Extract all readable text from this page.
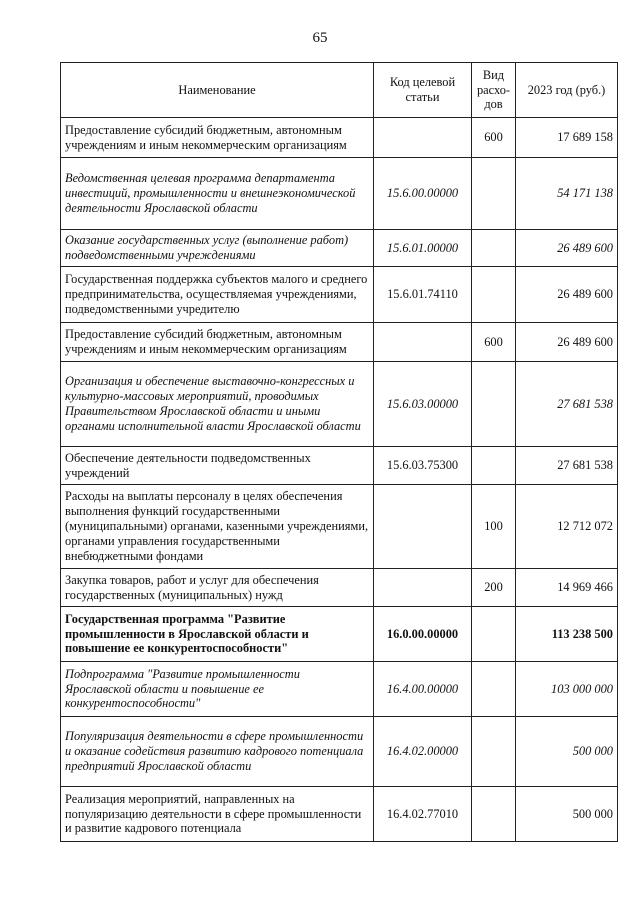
65
Наименование	Код целевой статьи	Вид расхо-дов	2023 год (руб.)
Предоставление субсидий бюджетным, автономным учреждениям и иным некоммерческим организациям		600	17 689 158
Ведомственная целевая программа департамента инвестиций, промышленности и внешнеэкономической деятельности Ярославской области	15.6.00.00000		54 171 138
Оказание государственных услуг (выполнение работ) подведомственными учреждениями	15.6.01.00000		26 489 600
Государственная поддержка субъектов малого и среднего предпринимательства, осуществляемая учреждениями, подведомственными учредителю	15.6.01.74110		26 489 600
Предоставление субсидий бюджетным, автономным учреждениям и иным некоммерческим организациям		600	26 489 600
Организация и обеспечение выставочно-конгрессных и культурно-массовых мероприятий, проводимых Правительством Ярославской области и иными органами исполнительной власти Ярославской области	15.6.03.00000		27 681 538
Обеспечение деятельности подведомственных учреждений	15.6.03.75300		27 681 538
Расходы на выплаты персоналу в целях обеспечения выполнения функций государственными (муниципальными) органами, казенными учреждениями, органами управления государственными внебюджетными фондами		100	12 712 072
Закупка товаров, работ и услуг для обеспечения государственных (муниципальных) нужд		200	14 969 466
Государственная программа "Развитие промышленности в Ярославской области и повышение ее конкурентоспособности"	16.0.00.00000		113 238 500
Подпрограмма "Развитие промышленности Ярославской области и повышение ее конкурентоспособности"	16.4.00.00000		103 000 000
Популяризация деятельности в сфере промышленности и оказание содействия развитию кадрового потенциала предприятий Ярославской области	16.4.02.00000		500 000
Реализация мероприятий, направленных на популяризацию деятельности в сфере промышленности и развитие кадрового потенциала	16.4.02.77010		500 000
